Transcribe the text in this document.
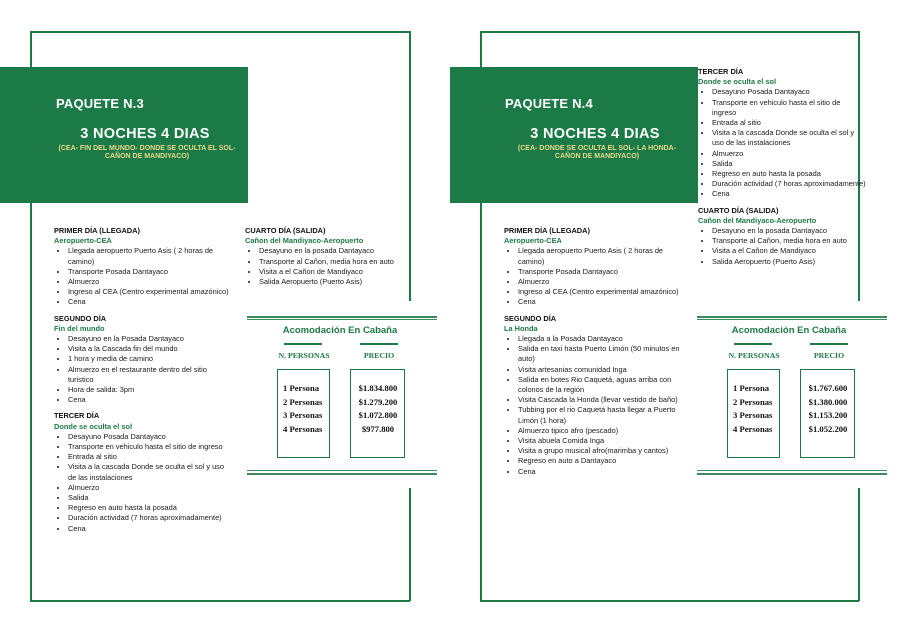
PAQUETE N.3
3 NOCHES 4 DIAS
(CEA- FIN DEL MUNDO- DONDE SE OCULTA EL SOL- CAÑON DE MANDIYACO)
PRIMER DÍA (LLEGADA)
Aeropuerto-CEA
• Llegada aeropuerto Puerto Asis ( 2 horas de camino)
• Transporte Posada Dantayaco
• Almuerzo
• Ingreso al CEA (Centro experimental amazónico)
• Cena
SEGUNDO DÍA
Fin del mundo
• Desayuno en la Posada Dantayaco
• Visita a la Cascada fin del mundo
• 1 hora y media de camino
• Almuerzo en el restaurante dentro del sitio turistico
• Hora de salida: 3pm
• Cena
TERCER DÍA
Donde se oculta el sol
• Desayuno Posada Dantayaco
• Transporte en vehiculo hasta el sitio de ingreso
• Entrada al sitio
• Visita a la cascada Donde se oculta el sol y uso de las instalaciones
• Almuerzo
• Salida
• Regreso en auto hasta la posada
• Duración actividad (7 horas aproximadamente)
• Cena
CUARTO DÍA (SALIDA)
Cañon del Mandiyaco-Aeropuerto
• Desayuno en la posada Dantayaco
• Transporte al Cañon, media hora en auto
• Visita a el Cañon de Mandiyaco
• Salida Aeropuerto (Puerto Asis)
Acomodación En Cabaña
N. PERSONAS	PRECIO
1 Persona
2 Personas
3 Personas
4 Personas
$1.834.800
$1.279.200
$1.072.800
$977.800
PAQUETE N.4
3 NOCHES 4 DIAS
(CEA- DONDE SE OCULTA EL SOL- LA HONDA-CAÑON DE MANDIYACO)
PRIMER DÍA (LLEGADA)
Aeropuerto-CEA
• Llegada aeropuerto Puerto Asis ( 2 horas de camino)
• Transporte Posada Dantayaco
• Almuerzo
• Ingreso al CEA (Centro experimental amazónico)
• Cena
SEGUNDO DÍA
La Honda
• Llegada a la Posada Dantayaco
• Salida en taxi hasta Puerto Limón (50 minutos en auto)
• Visita artesanias comunidad Inga
• Salida en botes Rio Caquetá, aguas arriba con colonos de la región
• Visita Cascada la Honda (llevar vestido de baño)
• Tubbing por el rio Caquetá hasta llegar a Puerto Limón (1 hora)
• Almuerzo tipico afro (pescado)
• Visita abuela Comida Inga
• Visita a grupo musical afro(marimba y cantos)
• Regreso en auto a Dantayaco
• Cena
TERCER DÍA
Donde se oculta el sol
• Desayuno Posada Dantayaco
• Transporte en vehiculo hasta el sitio de ingreso
• Entrada al sitio
• Visita a la cascada Donde se oculta el sol y uso de las instalaciones
• Almuerzo
• Salida
• Regreso en auto hasta la posada
• Duración actividad (7 horas aproximadamente)
• Cena
CUARTO DÍA (SALIDA)
Cañon del Mandiyaco-Aeropuerto
• Desayuno en la posada Dantayaco
• Transporte al Cañon, media hora en auto
• Visita a el Cañon de Mandiyaco
• Salida Aeropuerto (Puerto Asis)
Acomodación En Cabaña
N. PERSONAS	PRECIO
1 Persona
2 Personas
3 Personas
4 Personas
$1.767.600
$1.380.000
$1.153.200
$1.052.200
